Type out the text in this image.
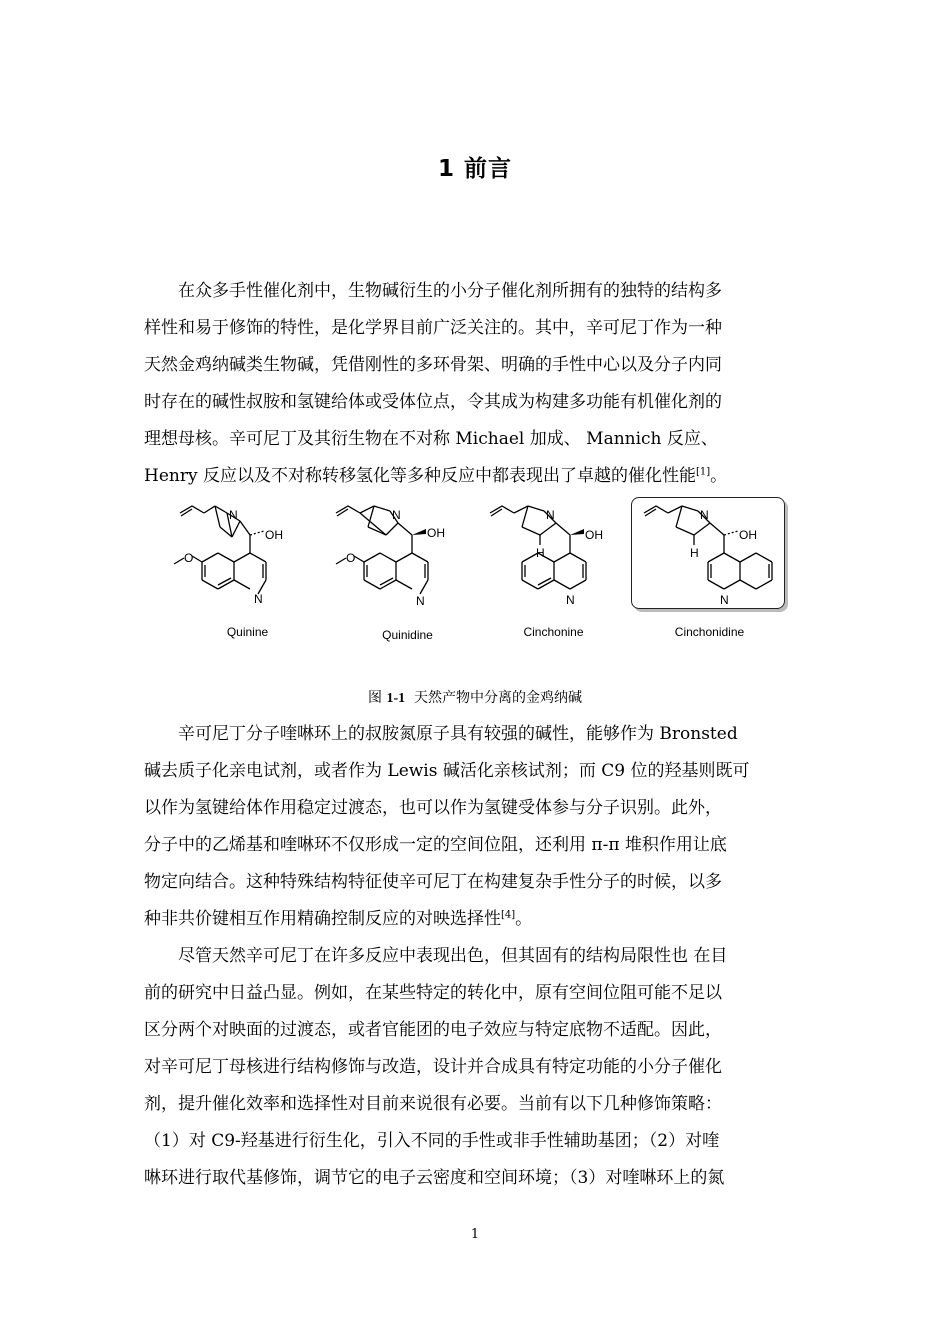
1 前言
在众多手性催化剂中，生物碱衍生的小分子催化剂所拥有的独特的结构多
样性和易于修饰的特性，是化学界目前广泛关注的。其中，辛可尼丁作为一种
天然金鸡纳碱类生物碱，凭借刚性的多环骨架、明确的手性中心以及分子内同
时存在的碱性叔胺和氢键给体或受体位点，令其成为构建多功能有机催化剂的
理想母核。辛可尼丁及其衍生物在不对称 Michael 加成、 Mannich 反应、
Henry 反应以及不对称转移氢化等多种反应中都表现出了卓越的催化性能[1]。
N
OH
N
O
Quinine
N
OH
N
O
Quinidine
N
OH
H
N
Cinchonine
N
OH
H
N
Cinchonidine
图 1-1 天然产物中分离的金鸡纳碱
辛可尼丁分子喹啉环上的叔胺氮原子具有较强的碱性，能够作为 Bronsted
碱去质子化亲电试剂，或者作为 Lewis 碱活化亲核试剂；而 C9 位的羟基则既可
以作为氢键给体作用稳定过渡态，也可以作为氢键受体参与分子识别。此外，
分子中的乙烯基和喹啉环不仅形成一定的空间位阻，还利用 π-π 堆积作用让底
物定向结合。这种特殊结构特征使辛可尼丁在构建复杂手性分子的时候，以多
种非共价键相互作用精确控制反应的对映选择性[4]。
尽管天然辛可尼丁在许多反应中表现出色，但其固有的结构局限性也 在目
前的研究中日益凸显。例如，在某些特定的转化中，原有空间位阻可能不足以
区分两个对映面的过渡态，或者官能团的电子效应与特定底物不适配。因此，
对辛可尼丁母核进行结构修饰与改造，设计并合成具有特定功能的小分子催化
剂，提升催化效率和选择性对目前来说很有必要。当前有以下几种修饰策略：
（1）对 C9-羟基进行衍生化，引入不同的手性或非手性辅助基团；（2）对喹
啉环进行取代基修饰，调节它的电子云密度和空间环境；（3）对喹啉环上的氮
1
